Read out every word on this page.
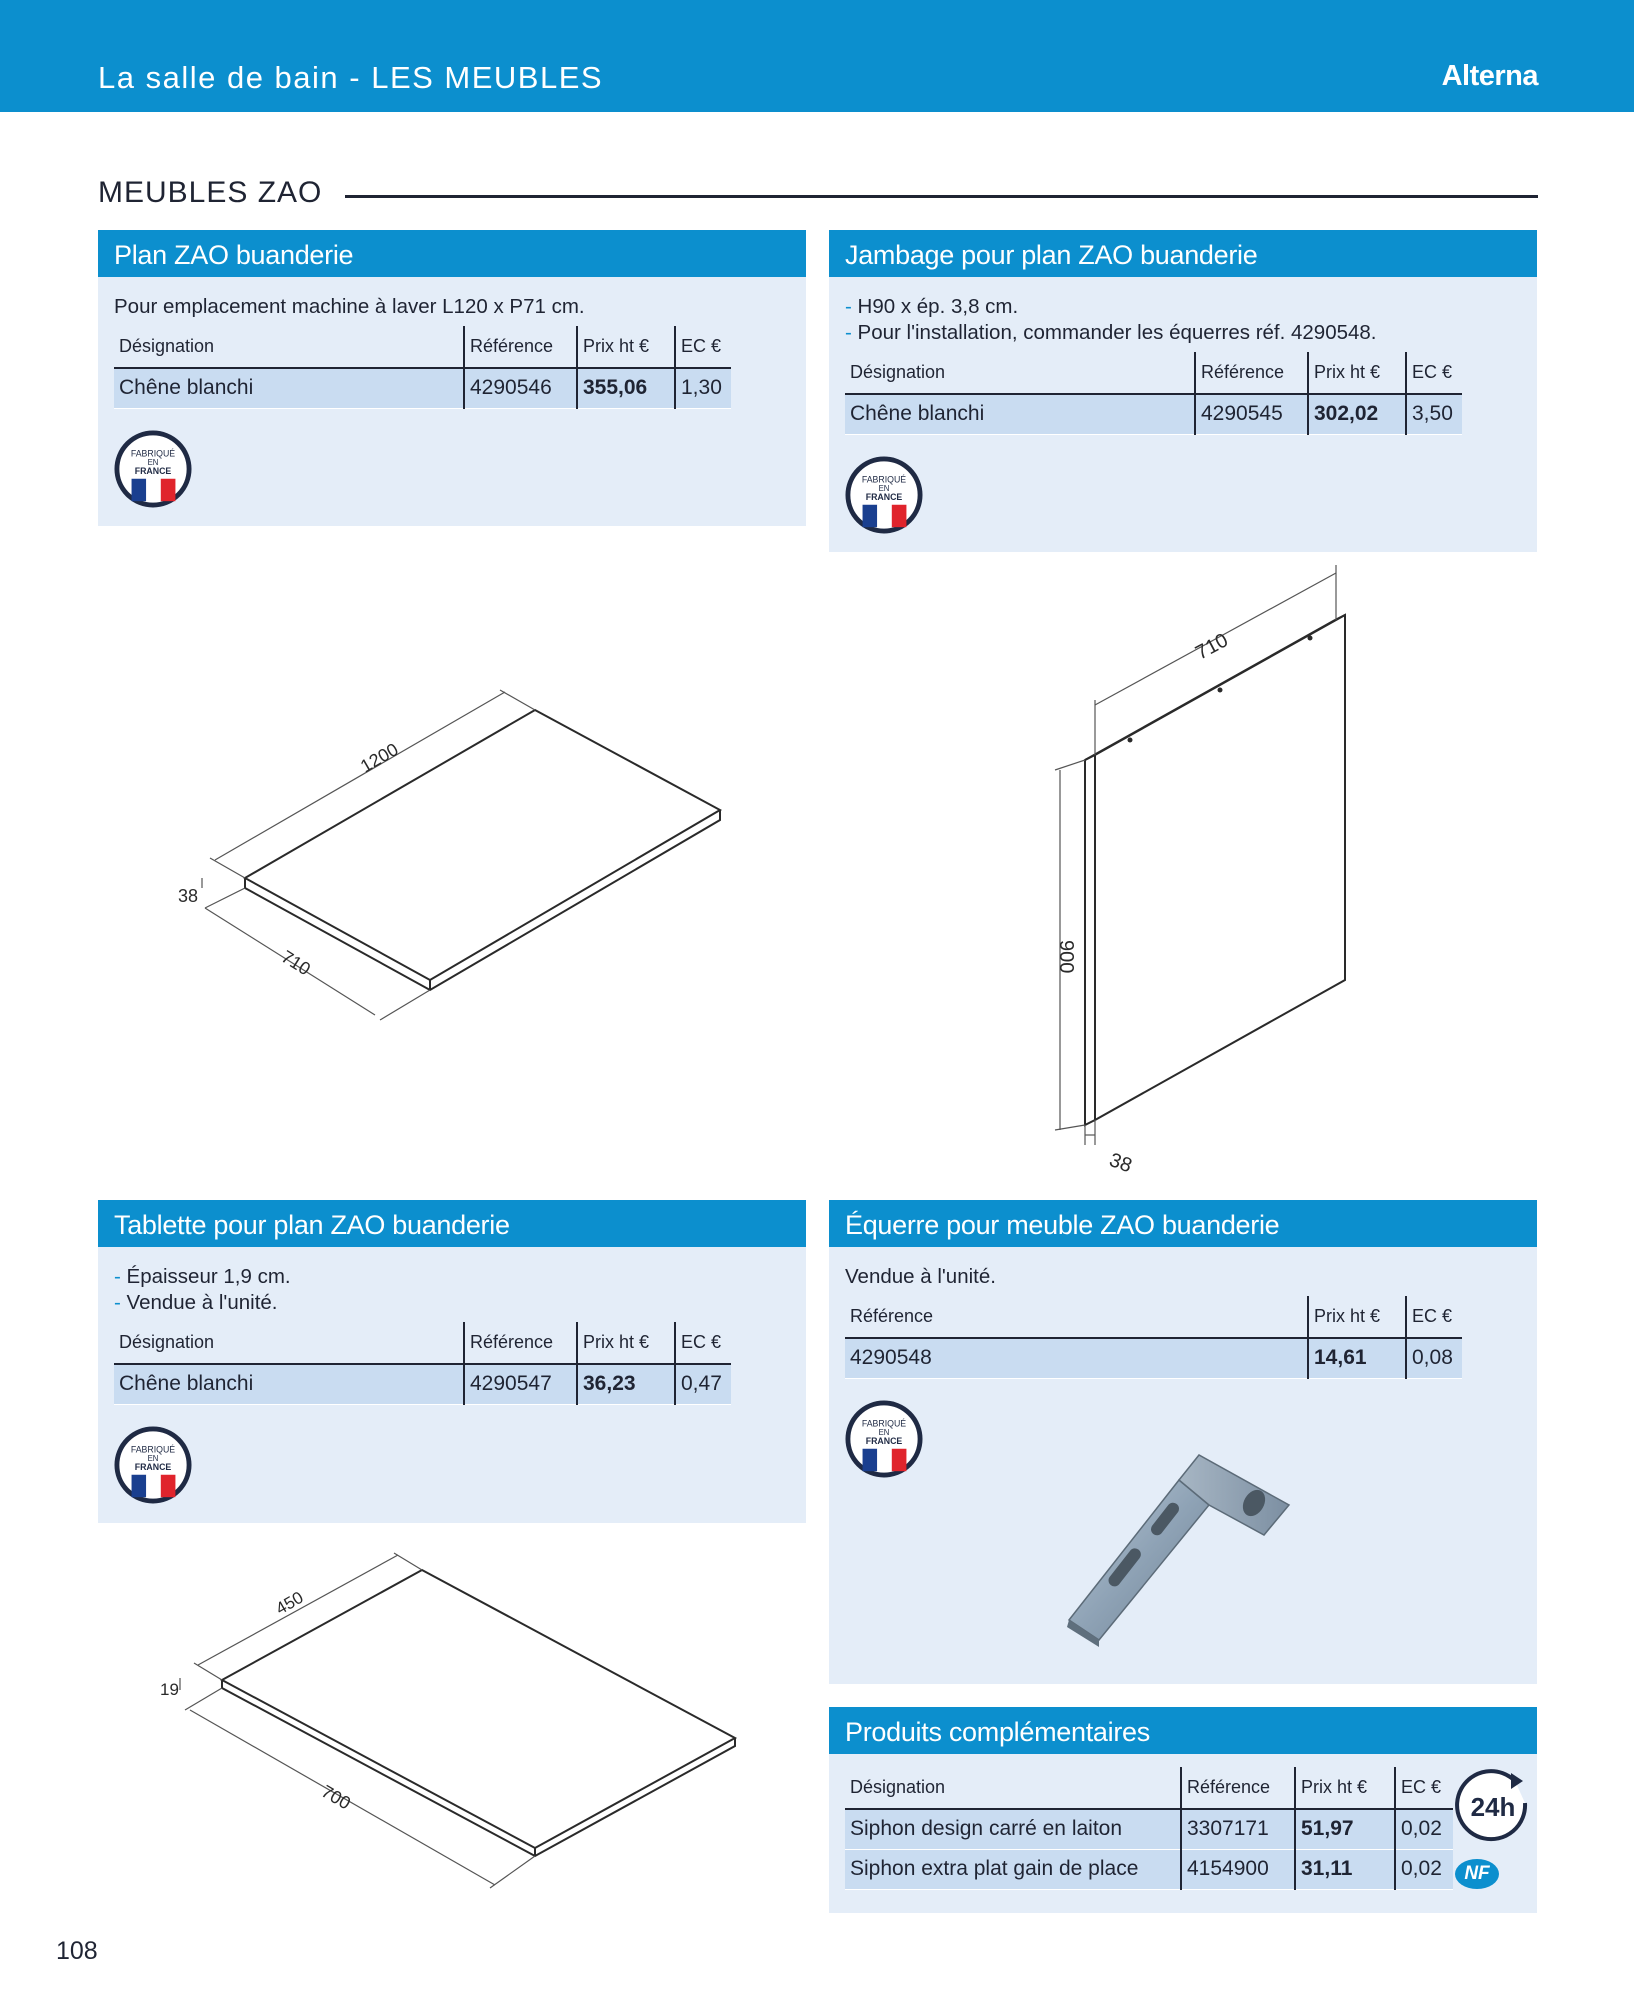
La salle de bain - LES MEUBLES	Alterna
MEUBLES ZAO
Plan ZAO buanderie
Pour emplacement machine à laver L120 x P71 cm.
Désignation	Référence	Prix ht €	EC €
Chêne blanchi	4290546	355,06	1,30
FABRIQUÉ
EN
FRANCE
Jambage pour plan ZAO buanderie
- H90 x ép. 3,8 cm.
- Pour l'installation, commander les équerres réf. 4290548.
Désignation	Référence	Prix ht €	EC €
Chêne blanchi	4290545	302,02	3,50
FABRIQUÉ
EN
FRANCE
1200
710
38
710
900
38
Tablette pour plan ZAO buanderie
- Épaisseur 1,9 cm.
- Vendue à l'unité.
Désignation	Référence	Prix ht €	EC €
Chêne blanchi	4290547	36,23	0,47
FABRIQUÉ
EN
FRANCE
450
700
19
Équerre pour meuble ZAO buanderie
Vendue à l'unité.
Référence	Prix ht €	EC €
4290548	14,61	0,08
FABRIQUÉ
EN
FRANCE
Produits complémentaires
Désignation	Référence	Prix ht €	EC €
Siphon design carré en laiton	3307171	51,97	0,02
Siphon extra plat gain de place	4154900	31,11	0,02
24h
NF
108
